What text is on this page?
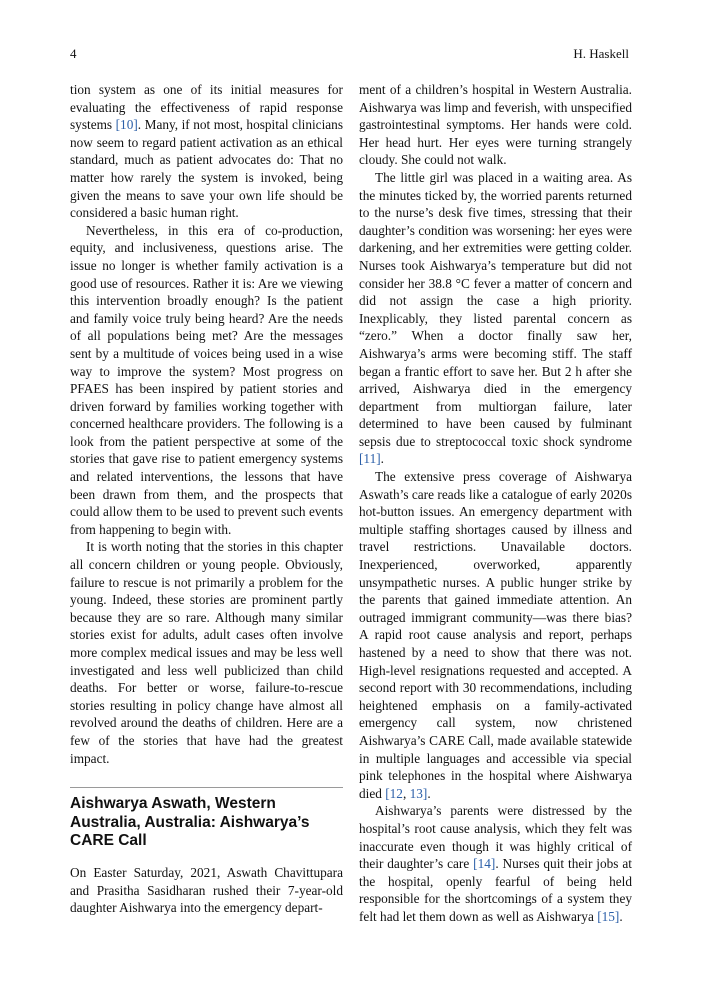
4	H. Haskell

tion system as one of its initial measures for evaluating the effectiveness of rapid response systems [10]. Many, if not most, hospital clinicians now seem to regard patient activation as an ethical standard, much as patient advocates do: That no matter how rarely the system is invoked, being given the means to save your own life should be considered a basic human right.

Nevertheless, in this era of co-production, equity, and inclusiveness, questions arise. The issue no longer is whether family activation is a good use of resources. Rather it is: Are we viewing this intervention broadly enough? Is the patient and family voice truly being heard? Are the needs of all populations being met? Are the messages sent by a multitude of voices being used in a wise way to improve the system? Most progress on PFAES has been inspired by patient stories and driven forward by families working together with concerned healthcare providers. The following is a look from the patient perspective at some of the stories that gave rise to patient emergency systems and related interventions, the lessons that have been drawn from them, and the prospects that could allow them to be used to prevent such events from happening to begin with.

It is worth noting that the stories in this chapter all concern children or young people. Obviously, failure to rescue is not primarily a problem for the young. Indeed, these stories are prominent partly because they are so rare. Although many similar stories exist for adults, adult cases often involve more complex medical issues and may be less well investigated and less well publicized than child deaths. For better or worse, failure-to-rescue stories resulting in policy change have almost all revolved around the deaths of children. Here are a few of the stories that have had the greatest impact.

Aishwarya Aswath, Western Australia, Australia: Aishwarya’s CARE Call

On Easter Saturday, 2021, Aswath Chavittupara and Prasitha Sasidharan rushed their 7-year-old daughter Aishwarya into the emergency depart-

ment of a children’s hospital in Western Australia. Aishwarya was limp and feverish, with unspecified gastrointestinal symptoms. Her hands were cold. Her head hurt. Her eyes were turning strangely cloudy. She could not walk.

The little girl was placed in a waiting area. As the minutes ticked by, the worried parents returned to the nurse’s desk five times, stressing that their daughter’s condition was worsening: her eyes were darkening, and her extremities were getting colder. Nurses took Aishwarya’s temperature but did not consider her 38.8 °C fever a matter of concern and did not assign the case a high priority. Inexplicably, they listed parental concern as “zero.” When a doctor finally saw her, Aishwarya’s arms were becoming stiff. The staff began a frantic effort to save her. But 2 h after she arrived, Aishwarya died in the emergency department from multiorgan failure, later determined to have been caused by fulminant sepsis due to streptococcal toxic shock syndrome [11].

The extensive press coverage of Aishwarya Aswath’s care reads like a catalogue of early 2020s hot-button issues. An emergency department with multiple staffing shortages caused by illness and travel restrictions. Unavailable doctors. Inexperienced, overworked, apparently unsympathetic nurses. A public hunger strike by the parents that gained immediate attention. An outraged immigrant community—was there bias? A rapid root cause analysis and report, perhaps hastened by a need to show that there was not. High-level resignations requested and accepted. A second report with 30 recommendations, including heightened emphasis on a family-activated emergency call system, now christened Aishwarya’s CARE Call, made available statewide in multiple languages and accessible via special pink telephones in the hospital where Aishwarya died [12, 13].

Aishwarya’s parents were distressed by the hospital’s root cause analysis, which they felt was inaccurate even though it was highly critical of their daughter’s care [14]. Nurses quit their jobs at the hospital, openly fearful of being held responsible for the shortcomings of a system they felt had let them down as well as Aishwarya [15].
